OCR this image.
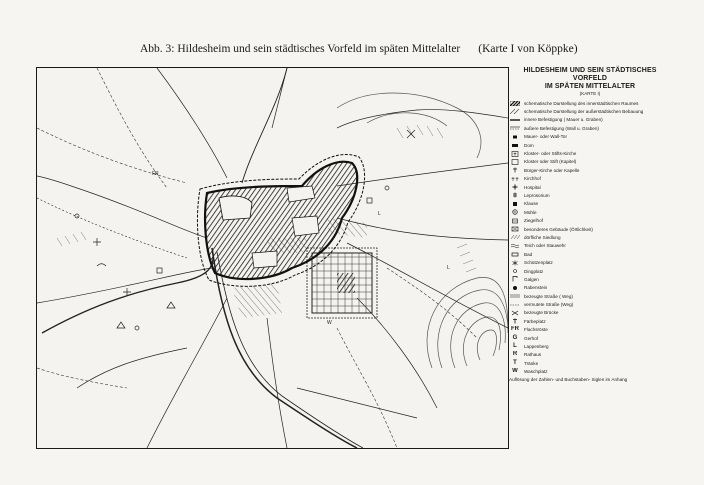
Abb. 3: Hildesheim und sein städtisches Vorfeld im späten Mittelalter (Karte I von Köppke)
FR
L
L
W
HILDESHEIM UND SEIN STÄDTISCHES VORFELD
IM SPÄTEN MITTELALTER
(KARTE I)
schematische Darstellung des innerstädtischen Raumes
schematische Darstellung der außerstädtischen Bebauung
innere Befestigung ( Mauer u. Graben)
äußere Befestigung (Wall u. Graben)
Mauer- oder Wall-Tor
Dom
Kloster- oder Stifts-Kirche
Kloster oder Stift (Kapitel)
Bürger-Kirche oder Kapelle
Kirchhof
Hospital
Leprosorium
Klause
Mühle
Ziegelhof
besonderes Gebäude (Örtlichkeit)
dörfliche Siedlung
Teich oder Stauwehr
Bad
Schützenplatz
Dingplatz
Galgen
Rabenstein
bezeugte Straße ( Weg)
vermutete Straße (Weg)
bezeugte Brücke
Färbeplatz
FR	Flachsröste
G	Gerhof
L	Lappenberg
R	Rathaus
T	Tränke
W	Waschplatz
Auflösung der Zahlen- und Buchstaben- Siglen im Anhang
